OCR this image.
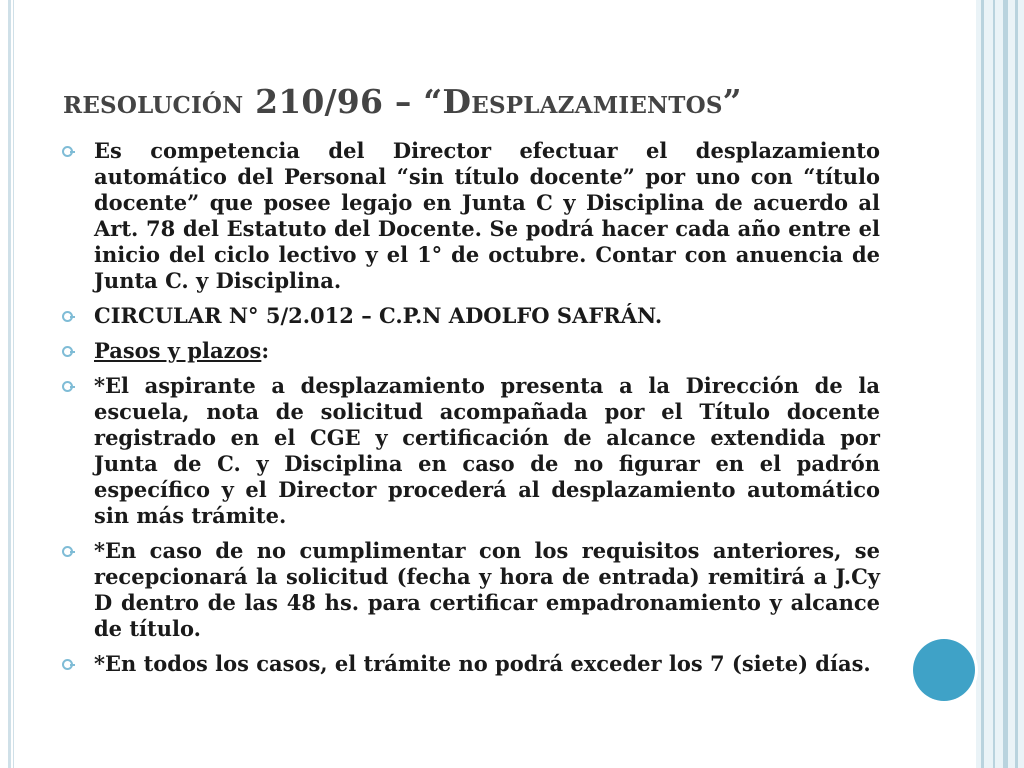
resolución 210/96 – “Desplazamientos”
Es competencia del Director efectuar el desplazamiento automático del Personal “sin título docente” por uno con “título docente” que posee legajo en Junta C y Disciplina de acuerdo al Art. 78 del Estatuto del Docente. Se podrá hacer cada año entre el inicio del ciclo lectivo y el 1° de octubre. Contar con anuencia de Junta C. y Disciplina.
CIRCULAR N° 5/2.012 – C.P.N ADOLFO SAFRÁN.
Pasos y plazos:
*El aspirante a desplazamiento presenta a la Dirección de la escuela, nota de solicitud acompañada por el Título docente registrado en el CGE y certificación de alcance extendida por Junta de C. y Disciplina en caso de no figurar en el padrón específico y el Director procederá al desplazamiento automático sin más trámite.
*En caso de no cumplimentar con los requisitos anteriores, se recepcionará la solicitud (fecha y hora de entrada) remitirá a J.Cy D dentro de las 48 hs. para certificar empadronamiento y alcance de título.
*En todos los casos, el trámite no podrá exceder los 7 (siete) días.
